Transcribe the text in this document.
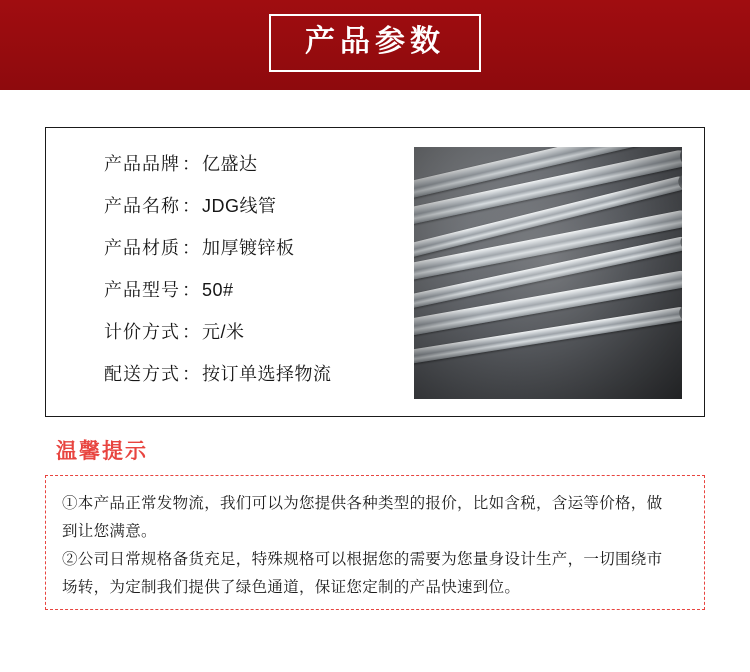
产品参数
产品品牌 ： 亿盛达
产品名称 ： JDG线管
产品材质 ： 加厚镀锌板
产品型号 ： 50#
计价方式 ： 元/米
配送方式 ： 按订单选择物流
温馨提示
①本产品正常发物流，我们可以为您提供各种类型的报价，比如含税，含运等价格，做
到让您满意。
②公司日常规格备货充足，特殊规格可以根据您的需要为您量身设计生产，一切围绕市
场转，为定制我们提供了绿色通道，保证您定制的产品快速到位。
